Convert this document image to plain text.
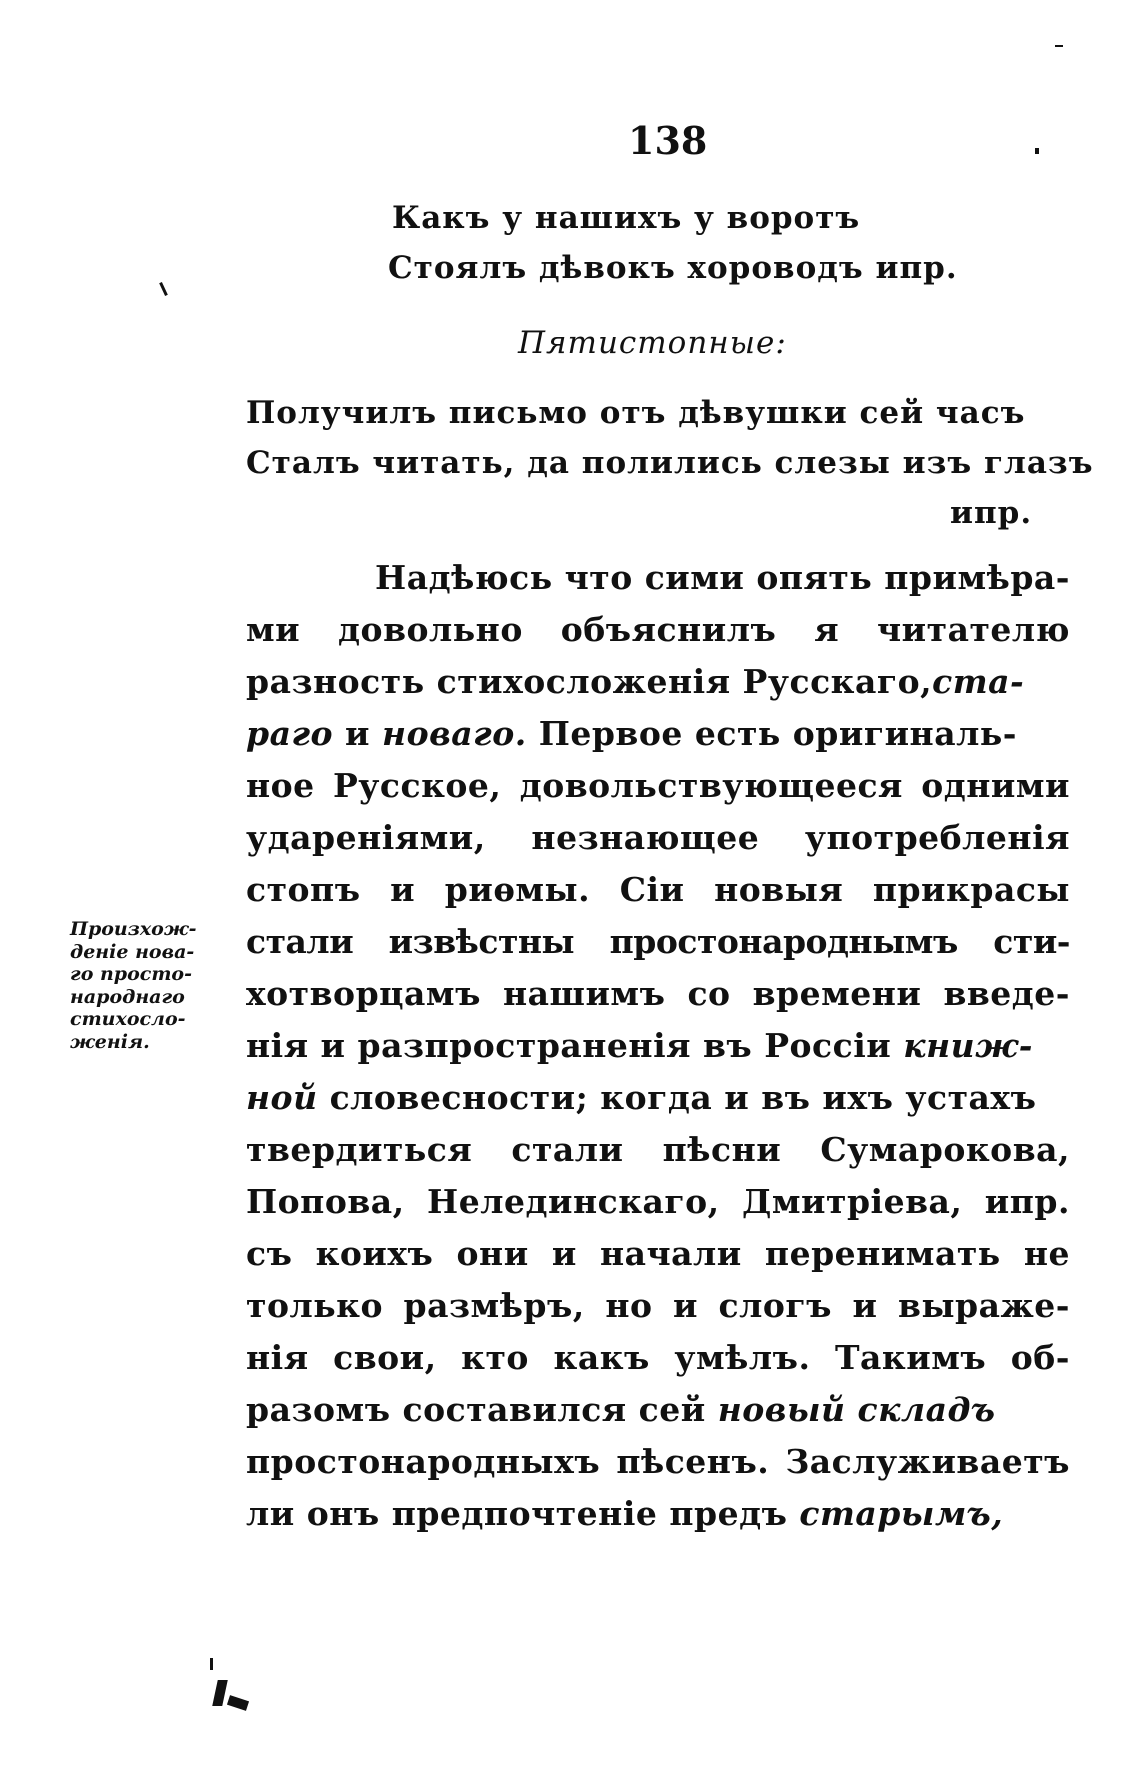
138
Какъ у нашихъ у воротъ
Стоялъ дѣвокъ хороводъ ипр.
Пятистопные:
Получилъ письмо отъ дѣвушки сей часъ
Сталъ читать, да полились слезы изъ глазъ
ипр.
Надѣюсь что сими опять примѣра-
ми довольно объяснилъ я читателю
разность стихосложенія Русскаго,ста-
раго и новаго. Первое есть оригиналь-
ное Русское, довольствующееся одними
удареніями, незнающее употребленія
стопъ и риѳмы. Сіи новыя прикрасы
стали извѣстны простонароднымъ сти-
хотворцамъ нашимъ со времени введе-
нія и разпространенія въ Россіи книж-
ной словесности; когда и въ ихъ устахъ
твердиться стали пѣсни Сумарокова,
Попова, Нелединскаго, Дмитріева, ипр.
съ коихъ они и начали перенимать не
только размѣръ, но и слогъ и выраже-
нія свои, кто какъ умѣлъ. Такимъ об-
разомъ составился сей новый складъ
простонародныхъ пѣсенъ. Заслуживаетъ
ли онъ предпочтеніе предъ старымъ,
Произхож-
деніе нова-
го просто-
народнаго
стихосло-
женія.
